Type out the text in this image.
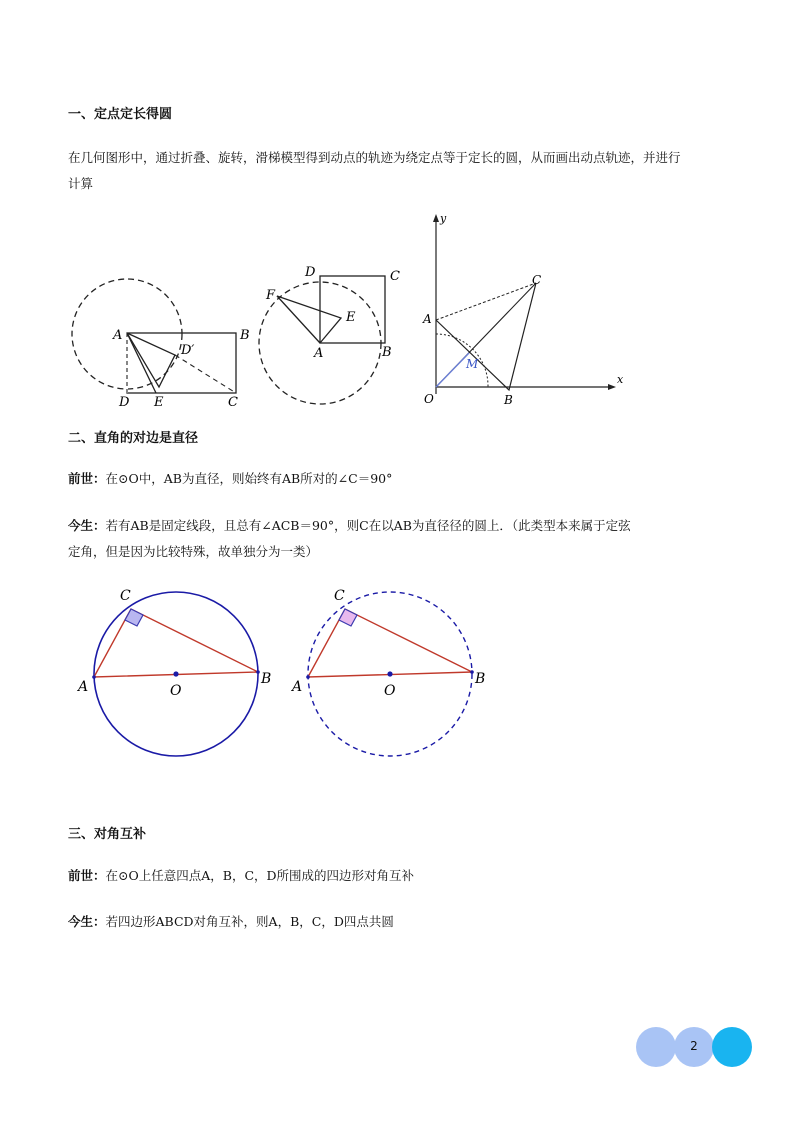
一、定点定长得圆
在几何图形中，通过折叠、旋转，滑梯模型得到动点的轨迹为绕定点等于定长的圆，从而画出动点轨迹，并进行
计算
A	B
C
D E
D′
D	C
F
E
A	B
A
C
M
O	B
x
y
二、直角的对边是直径
前世：在⊙O中，AB为直径，则始终有AB所对的∠C＝90°
今生：若有AB是固定线段，且总有∠ACB＝90°，则C在以AB为直径径的圆上．（此类型本来属于定弦
定角，但是因为比较特殊，故单独分为一类）
C
A	B
O
C
A	B
O
三、对角互补
前世：在⊙O上任意四点A，B，C，D所围成的四边形对角互补
今生：若四边形ABCD对角互补，则A，B，C，D四点共圆
2
